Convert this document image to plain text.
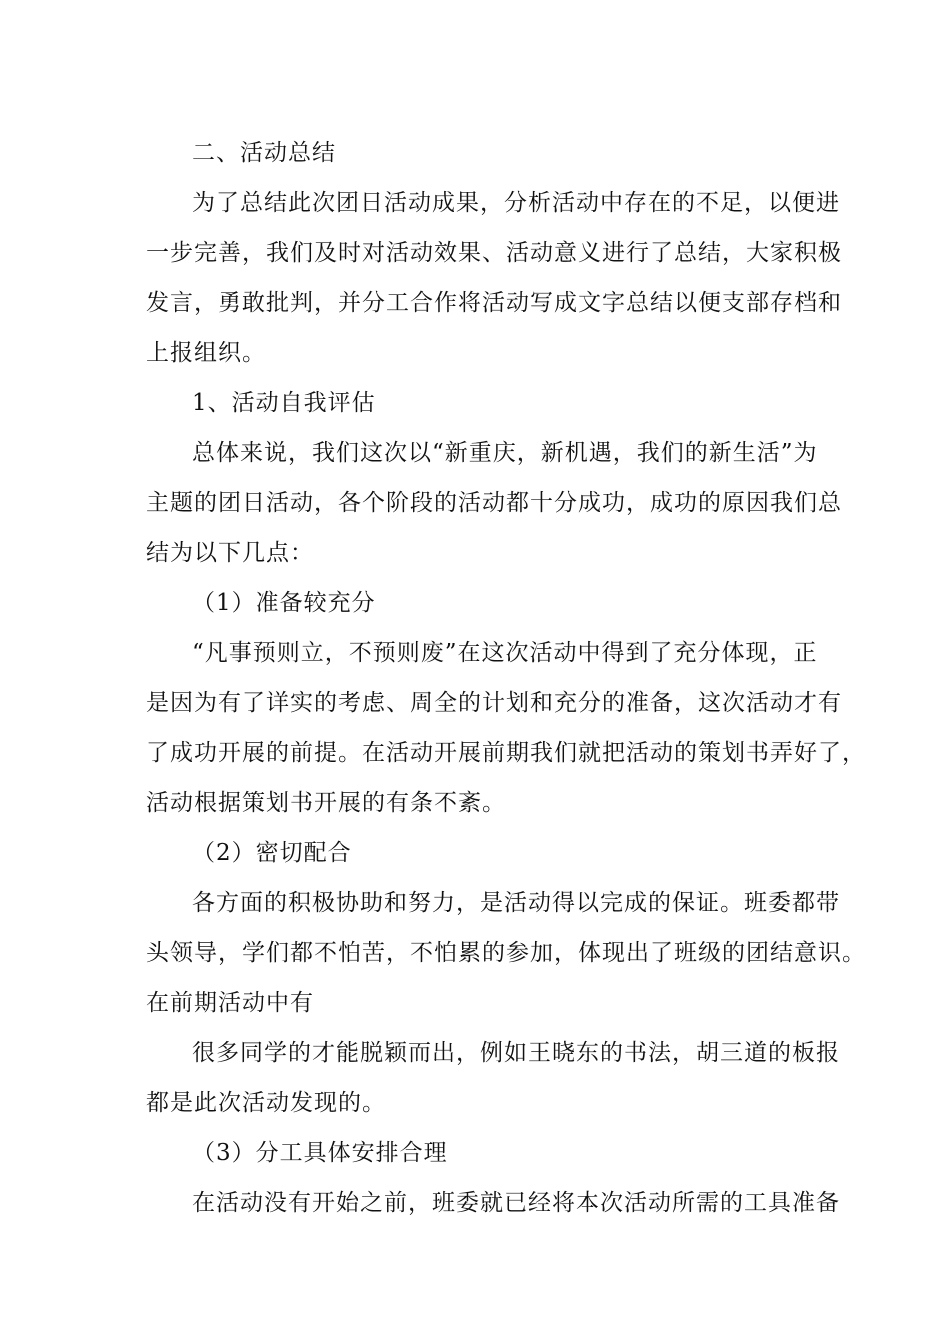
二、活动总结
为了总结此次团日活动成果，分析活动中存在的不足，以便进
一步完善，我们及时对活动效果、活动意义进行了总结，大家积极
发言，勇敢批判，并分工合作将活动写成文字总结以便支部存档和
上报组织。
1、活动自我评估
总体来说，我们这次以“新重庆，新机遇，我们的新生活”为
主题的团日活动，各个阶段的活动都十分成功，成功的原因我们总
结为以下几点：
（1）准备较充分
“凡事预则立，不预则废”在这次活动中得到了充分体现，正
是因为有了详实的考虑、周全的计划和充分的准备，这次活动才有
了成功开展的前提。在活动开展前期我们就把活动的策划书弄好了，
活动根据策划书开展的有条不紊。
（2）密切配合
各方面的积极协助和努力，是活动得以完成的保证。班委都带
头领导，学们都不怕苦，不怕累的参加，体现出了班级的团结意识。
在前期活动中有
很多同学的才能脱颖而出，例如王晓东的书法，胡三道的板报
都是此次活动发现的。
（3）分工具体安排合理
在活动没有开始之前，班委就已经将本次活动所需的工具准备
